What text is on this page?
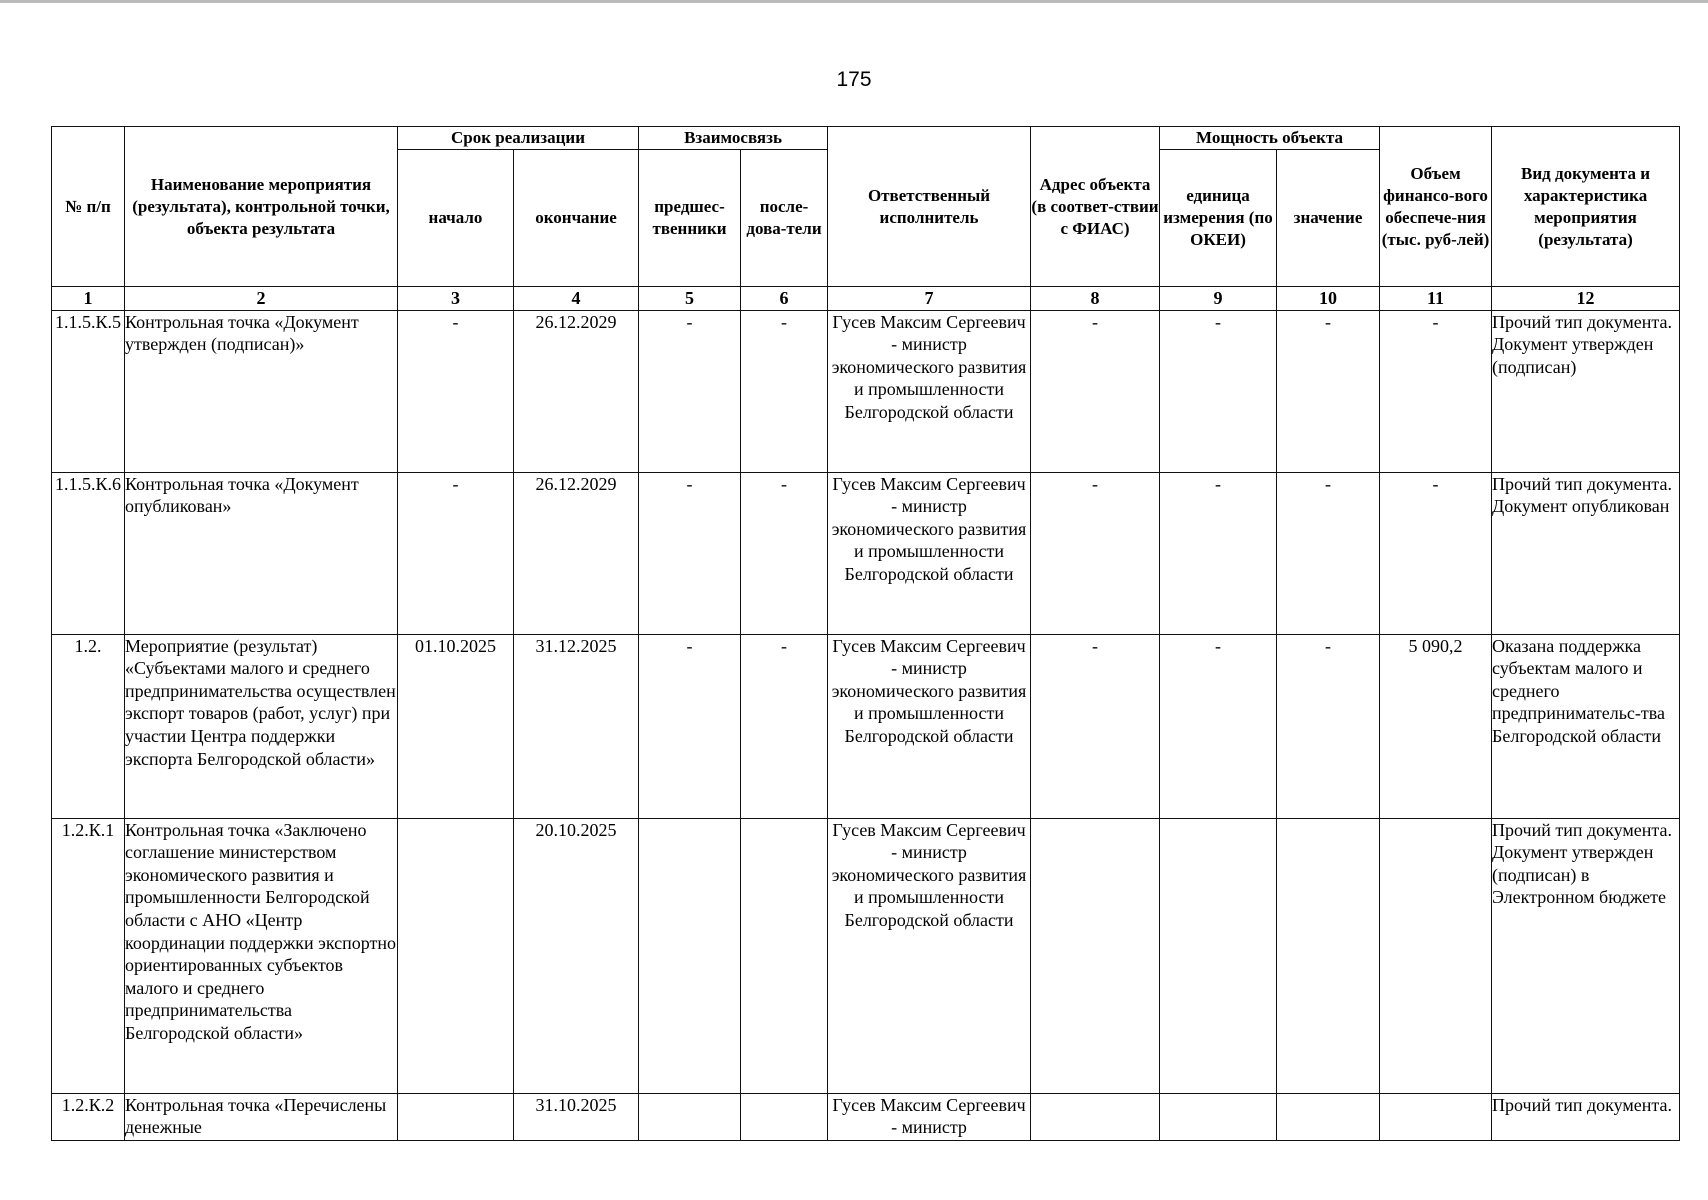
175
№ п/п	Наименование мероприятия (результата), контрольной точки, объекта результата	Срок реализации		Взаимосвязь		Ответственный исполнитель	Адрес объекта (в соответ-ствии с ФИАС)	Мощность объекта		Объем финансо-вого обеспече-ния (тыс. руб-лей)	Вид документа и характеристика мероприятия (результата)
		начало	окончание	предшес-твенники	после-дова-тели			единица измерения (по ОКЕИ)	значение		
1	2	3	4	5	6	7	8	9	10	11	12
1.1.5.К.5	Контрольная точка «Документ утвержден (подписан)»	-	26.12.2029	-	-	Гусев Максим Сергеевич - министр экономического развития и промышленности Белгородской области	-	-	-	-	Прочий тип документа. Документ утвержден (подписан)
1.1.5.К.6	Контрольная точка «Документ опубликован»	-	26.12.2029	-	-	Гусев Максим Сергеевич - министр экономического развития и промышленности Белгородской области	-	-	-	-	Прочий тип документа. Документ опубликован
1.2.	Мероприятие (результат) «Субъектами малого и среднего предпринимательства осуществлен экспорт товаров (работ, услуг) при участии Центра поддержки экспорта Белгородской области»	01.10.2025	31.12.2025	-	-	Гусев Максим Сергеевич - министр экономического развития и промышленности Белгородской области	-	-	-	5 090,2	Оказана поддержка субъектам малого и среднего предпринимательс-тва Белгородской области
1.2.К.1	Контрольная точка «Заключено соглашение министерством экономического развития и промышленности Белгородской области с АНО «Центр координации поддержки экспортно ориентированных субъектов малого и среднего предпринимательства Белгородской области»		20.10.2025			Гусев Максим Сергеевич - министр экономического развития и промышленности Белгородской области					Прочий тип документа. Документ утвержден (подписан) в Электронном бюджете
1.2.К.2	Контрольная точка «Перечислены денежные		31.10.2025			Гусев Максим Сергеевич - министр					Прочий тип документа.
